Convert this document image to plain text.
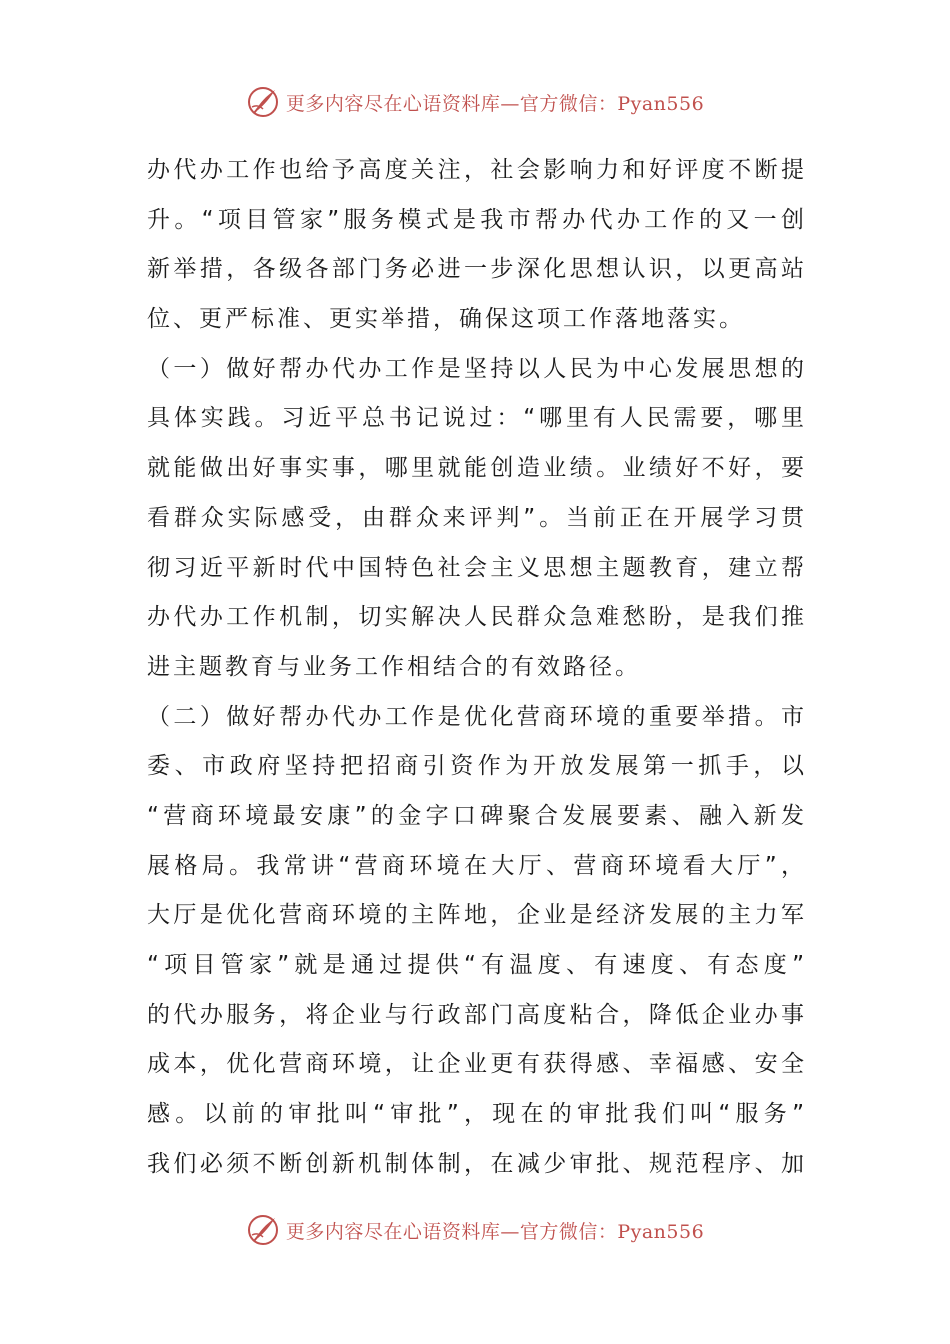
更多内容尽在心语资料库—官方微信：Pyan556
办代办工作也给予高度关注，社会影响力和好评度不断提
升。“项目管家”服务模式是我市帮办代办工作的又一创
新举措，各级各部门务必进一步深化思想认识，以更高站
位、更严标准、更实举措，确保这项工作落地落实。
（一）做好帮办代办工作是坚持以人民为中心发展思想的
具体实践。习近平总书记说过：“哪里有人民需要，哪里
就能做出好事实事，哪里就能创造业绩。业绩好不好，要
看群众实际感受，由群众来评判”。当前正在开展学习贯
彻习近平新时代中国特色社会主义思想主题教育，建立帮
办代办工作机制，切实解决人民群众急难愁盼，是我们推
进主题教育与业务工作相结合的有效路径。
（二）做好帮办代办工作是优化营商环境的重要举措。市
委、市政府坚持把招商引资作为开放发展第一抓手，以
“营商环境最安康”的金字口碑聚合发展要素、融入新发
展格局。我常讲“营商环境在大厅、营商环境看大厅”，
大厅是优化营商环境的主阵地，企业是经济发展的主力军
“项目管家”就是通过提供“有温度、有速度、有态度”
的代办服务，将企业与行政部门高度粘合，降低企业办事
成本，优化营商环境，让企业更有获得感、幸福感、安全
感。以前的审批叫“审批”，现在的审批我们叫“服务”
我们必须不断创新机制体制，在减少审批、规范程序、加
更多内容尽在心语资料库—官方微信：Pyan556
